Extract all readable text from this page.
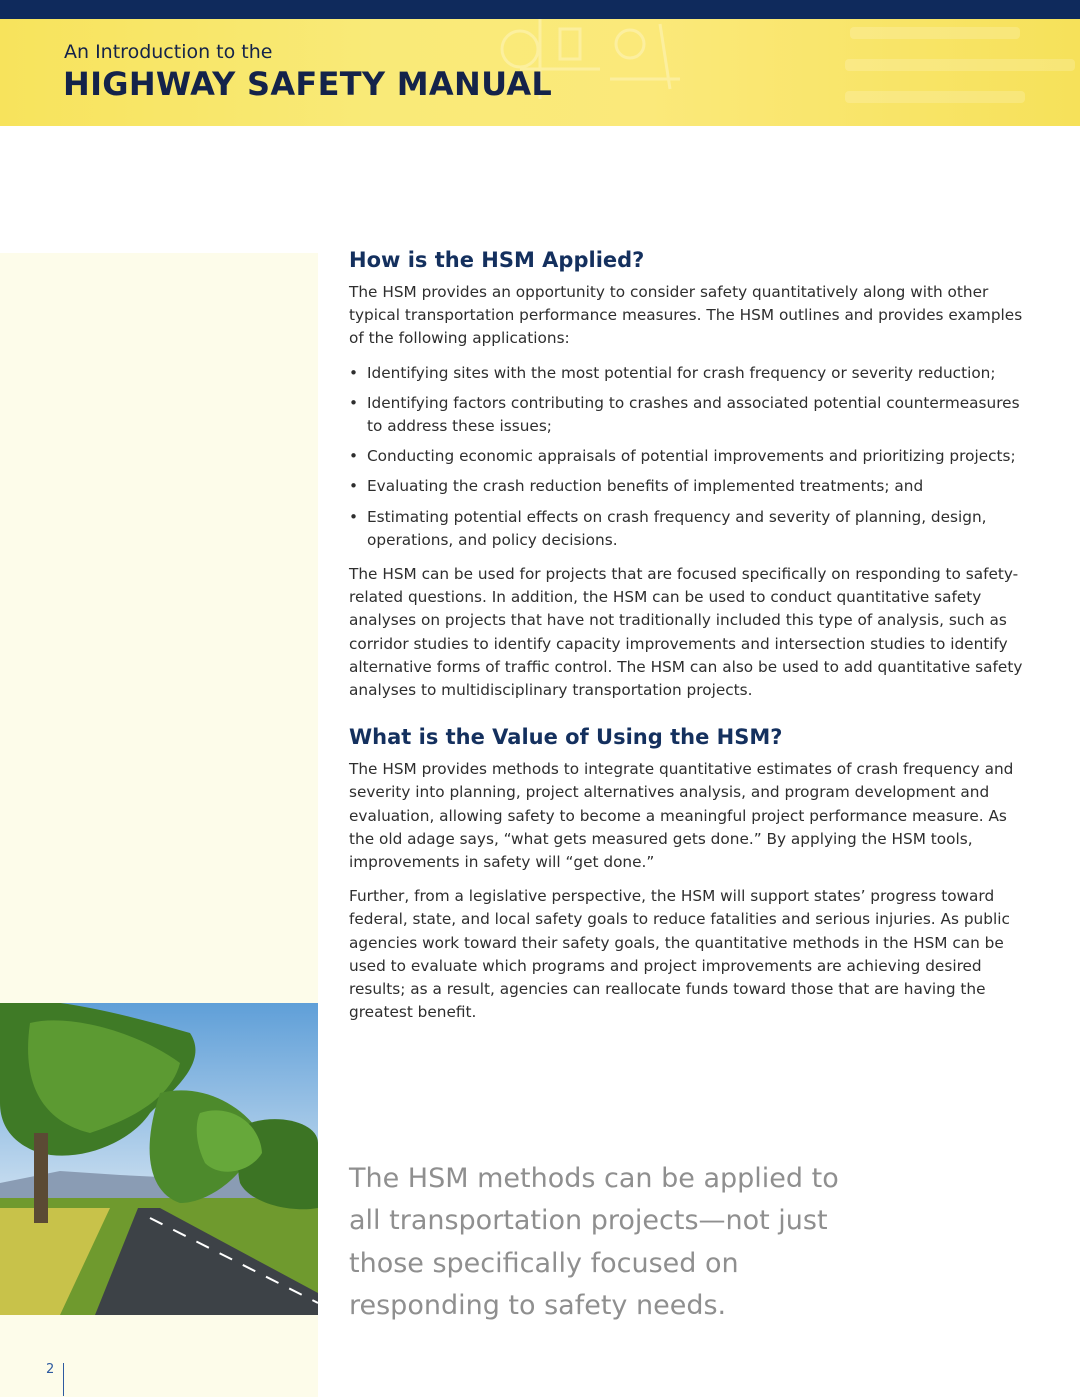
An Introduction to the
HIGHWAY SAFETY MANUAL
How is the HSM Applied?

The HSM provides an opportunity to consider safety quantitatively along with other typical transportation performance measures. The HSM outlines and provides examples of the following applications:

• Identifying sites with the most potential for crash frequency or severity reduction;
• Identifying factors contributing to crashes and associated potential countermeasures to address these issues;
• Conducting economic appraisals of potential improvements and prioritizing projects;
• Evaluating the crash reduction benefits of implemented treatments; and
• Estimating potential effects on crash frequency and severity of planning, design, operations, and policy decisions.

The HSM can be used for projects that are focused specifically on responding to safety-related questions. In addition, the HSM can be used to conduct quantitative safety analyses on projects that have not traditionally included this type of analysis, such as corridor studies to identify capacity improvements and intersection studies to identify alternative forms of traffic control. The HSM can also be used to add quantitative safety analyses to multidisciplinary transportation projects.

What is the Value of Using the HSM?

The HSM provides methods to integrate quantitative estimates of crash frequency and severity into planning, project alternatives analysis, and program development and evaluation, allowing safety to become a meaningful project performance measure. As the old adage says, “what gets measured gets done.” By applying the HSM tools, improvements in safety will “get done.”

Further, from a legislative perspective, the HSM will support states’ progress toward federal, state, and local safety goals to reduce fatalities and serious injuries. As public agencies work toward their safety goals, the quantitative methods in the HSM can be used to evaluate which programs and project improvements are achieving desired results; as a result, agencies can reallocate funds toward those that are having the greatest benefit.

The HSM methods can be applied to all transportation projects—not just those specifically focused on responding to safety needs.
2
